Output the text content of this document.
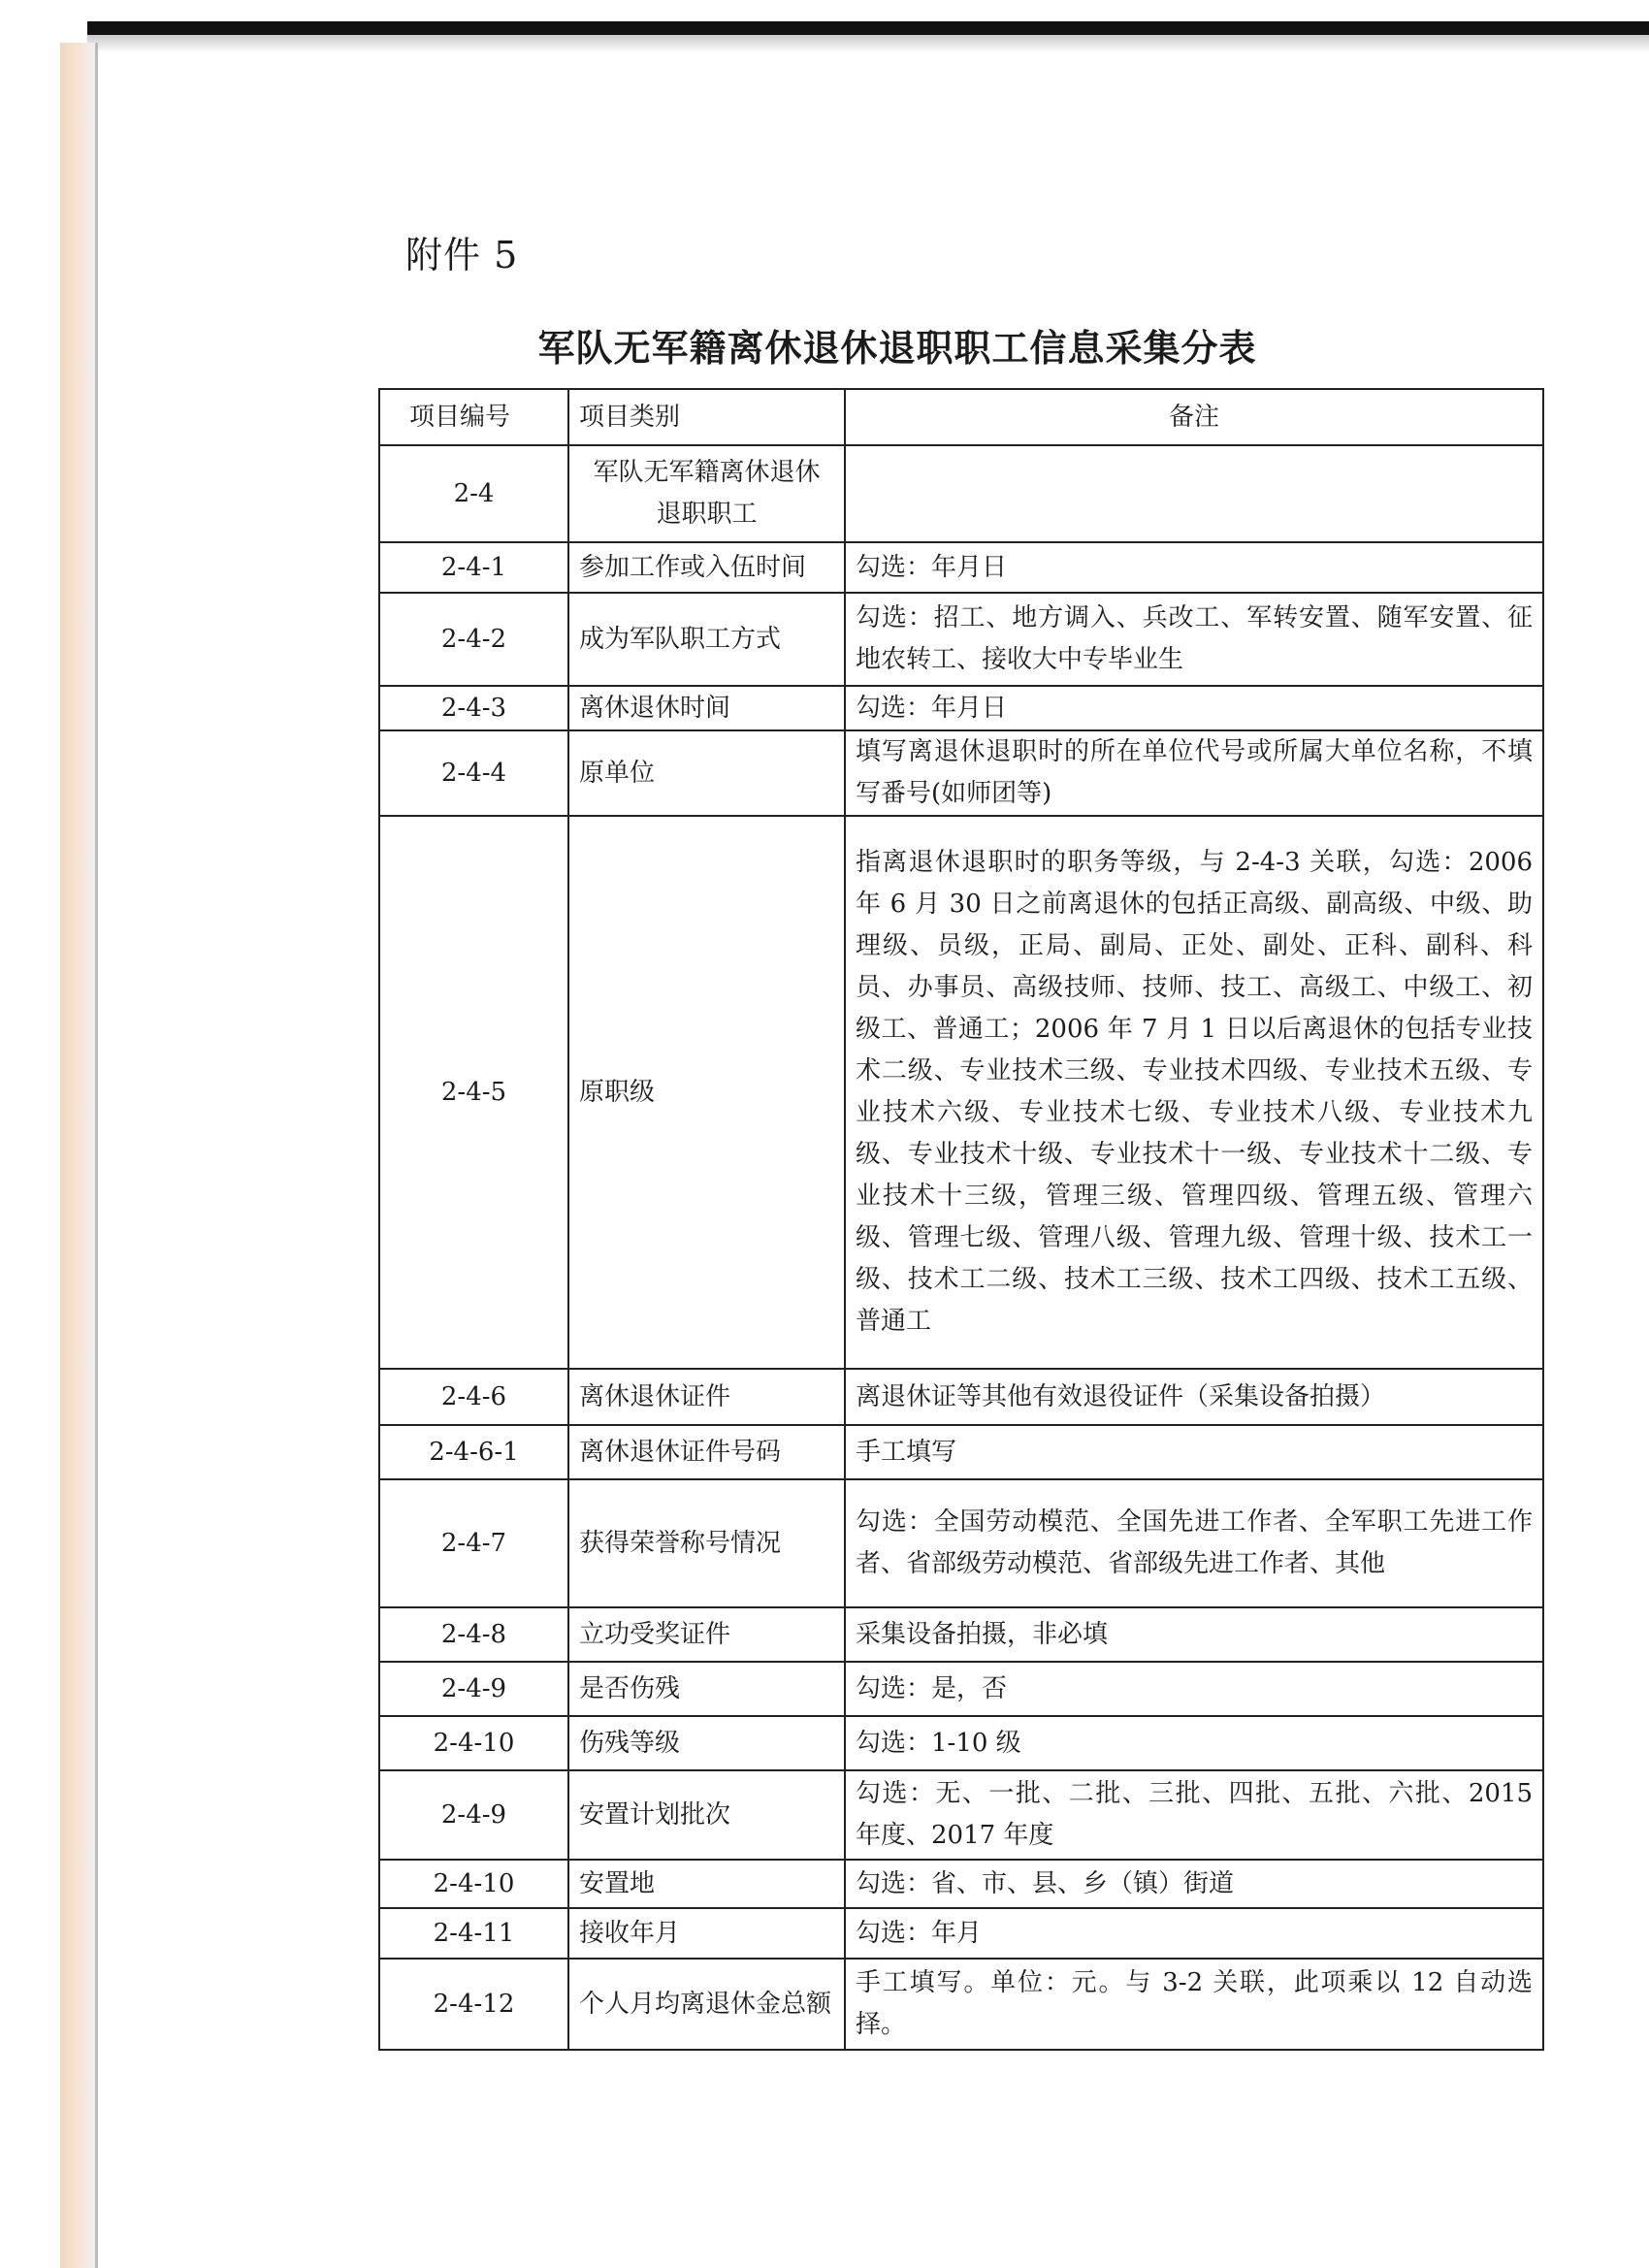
附件 5
军队无军籍离休退休退职职工信息采集分表
项目编号	项目类别	备注
2-4	军队无军籍离休退休退职职工	
2-4-1	参加工作或入伍时间	勾选：年月日
2-4-2	成为军队职工方式	勾选：招工、地方调入、兵改工、军转安置、随军安置、征地农转工、接收大中专毕业生
2-4-3	离休退休时间	勾选：年月日
2-4-4	原单位	填写离退休退职时的所在单位代号或所属大单位名称，不填写番号(如师团等)
2-4-5	原职级	指离退休退职时的职务等级，与 2-4-3 关联，勾选：2006 年 6 月 30 日之前离退休的包括正高级、副高级、中级、助理级、员级，正局、副局、正处、副处、正科、副科、科员、办事员、高级技师、技师、技工、高级工、中级工、初级工、普通工；2006 年 7 月 1 日以后离退休的包括专业技术二级、专业技术三级、专业技术四级、专业技术五级、专业技术六级、专业技术七级、专业技术八级、专业技术九级、专业技术十级、专业技术十一级、专业技术十二级、专业技术十三级，管理三级、管理四级、管理五级、管理六级、管理七级、管理八级、管理九级、管理十级、技术工一级、技术工二级、技术工三级、技术工四级、技术工五级、普通工
2-4-6	离休退休证件	离退休证等其他有效退役证件（采集设备拍摄）
2-4-6-1	离休退休证件号码	手工填写
2-4-7	获得荣誉称号情况	勾选：全国劳动模范、全国先进工作者、全军职工先进工作者、省部级劳动模范、省部级先进工作者、其他
2-4-8	立功受奖证件	采集设备拍摄，非必填
2-4-9	是否伤残	勾选：是，否
2-4-10	伤残等级	勾选：1-10 级
2-4-9	安置计划批次	勾选：无、一批、二批、三批、四批、五批、六批、2015 年度、2017 年度
2-4-10	安置地	勾选：省、市、县、乡（镇）街道
2-4-11	接收年月	勾选：年月
2-4-12	个人月均离退休金总额	手工填写。单位：元。与 3-2 关联，此项乘以 12 自动选择。
